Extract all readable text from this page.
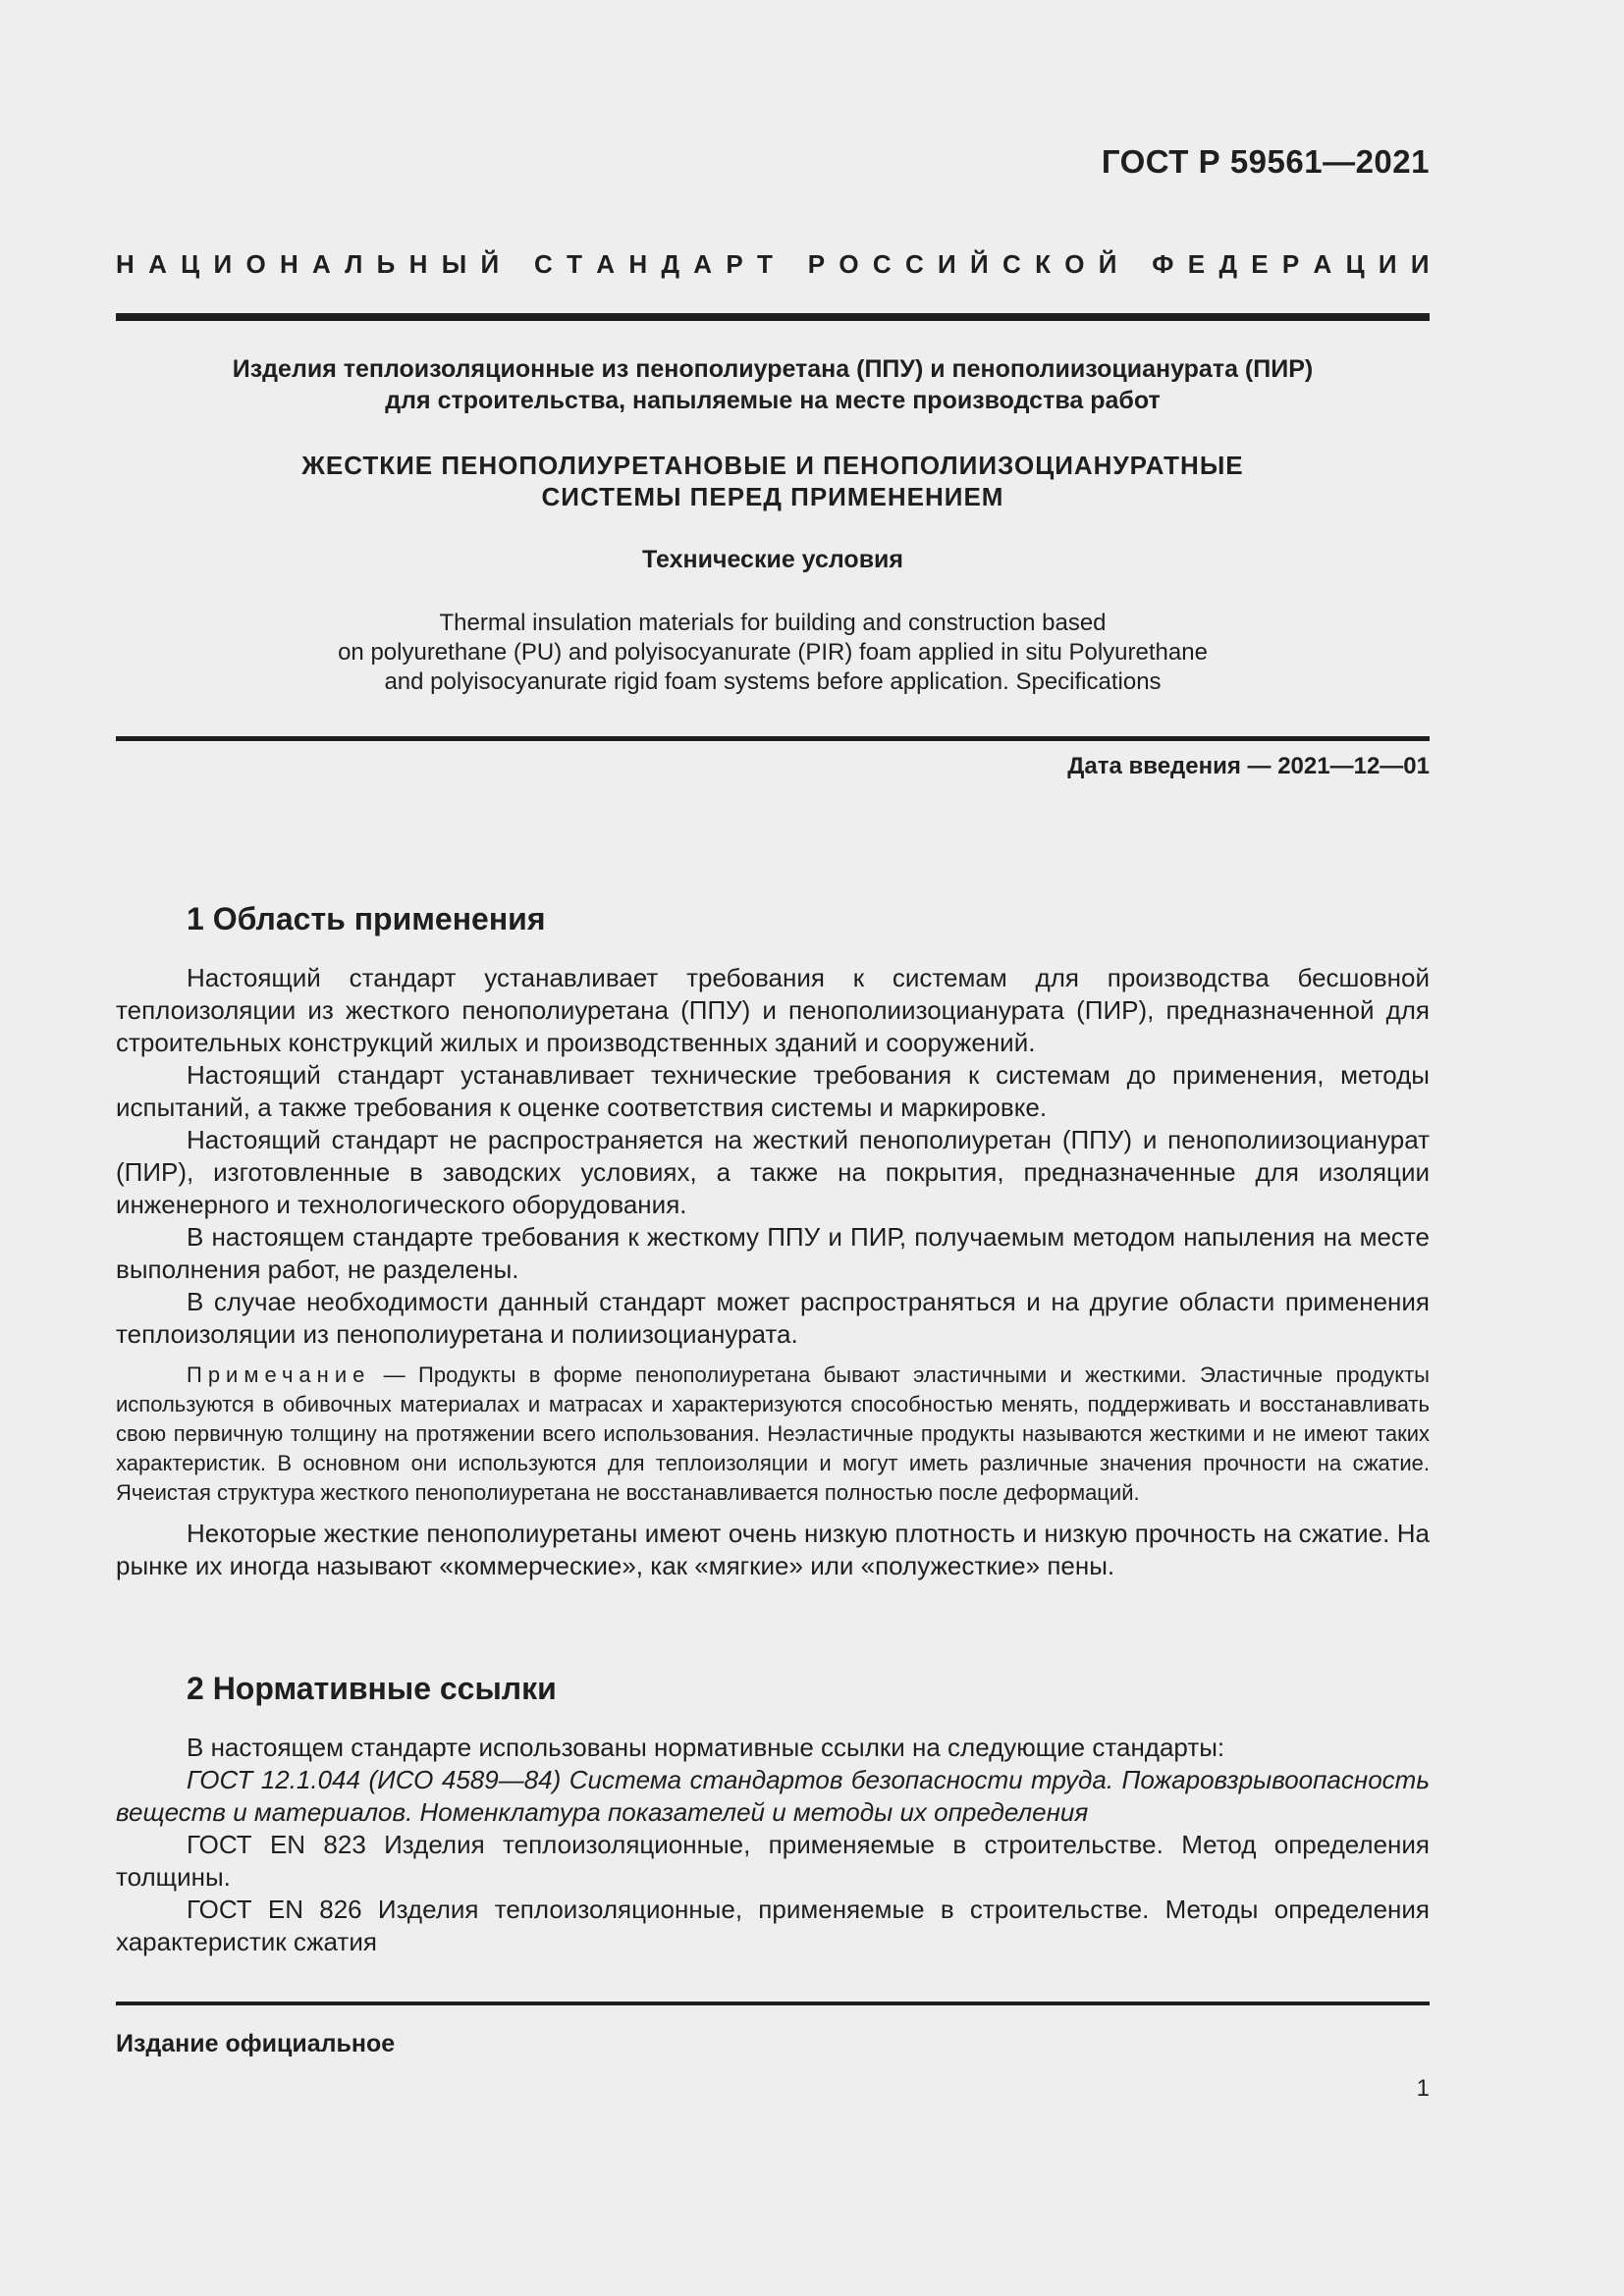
ГОСТ Р 59561—2021
Н А Ц И О Н А Л Ь Н Ы Й
С Т А Н Д А Р Т
Р О С С И Й С К О Й
Ф Е Д Е Р А Ц И И
Изделия теплоизоляционные из пенополиуретана (ППУ) и пенополиизоцианурата (ПИР)
для строительства, напыляемые на месте производства работ
ЖЕСТКИЕ ПЕНОПОЛИУРЕТАНОВЫЕ И ПЕНОПОЛИИЗОЦИАНУРАТНЫЕ
СИСТЕМЫ ПЕРЕД ПРИМЕНЕНИЕМ
Технические условия
Thermal insulation materials for building and construction based
on polyurethane (PU) and polyisocyanurate (PIR) foam applied in situ Polyurethane
and polyisocyanurate rigid foam systems before application. Specifications
Дата введения — 2021—12—01
1 Область применения

Настоящий стандарт устанавливает требования к системам для производства бесшовной теплоизоляции из жесткого пенополиуретана (ППУ) и пенополиизоцианурата (ПИР), предназначенной для строительных конструкций жилых и производственных зданий и сооружений.

Настоящий стандарт устанавливает технические требования к системам до применения, методы испытаний, а также требования к оценке соответствия системы и маркировке.

Настоящий стандарт не распространяется на жесткий пенополиуретан (ППУ) и пенополиизоцианурат (ПИР), изготовленные в заводских условиях, а также на покрытия, предназначенные для изоляции инженерного и технологического оборудования.

В настоящем стандарте требования к жесткому ППУ и ПИР, получаемым методом напыления на месте выполнения работ, не разделены.

В случае необходимости данный стандарт может распространяться и на другие области применения теплоизоляции из пенополиуретана и полиизоцианурата.

Примечание — Продукты в форме пенополиуретана бывают эластичными и жесткими. Эластичные продукты используются в обивочных материалах и матрасах и характеризуются способностью менять, поддерживать и восстанавливать свою первичную толщину на протяжении всего использования. Неэластичные продукты называются жесткими и не имеют таких характеристик. В основном они используются для теплоизоляции и могут иметь различные значения прочности на сжатие. Ячеистая структура жесткого пенополиуретана не восстанавливается полностью после деформаций.

Некоторые жесткие пенополиуретаны имеют очень низкую плотность и низкую прочность на сжатие. На рынке их иногда называют «коммерческие», как «мягкие» или «полужесткие» пены.

2 Нормативные ссылки

В настоящем стандарте использованы нормативные ссылки на следующие стандарты:

ГОСТ 12.1.044 (ИСО 4589—84) Система стандартов безопасности труда. Пожаровзрывоопасность веществ и материалов. Номенклатура показателей и методы их определения

ГОСТ EN 823 Изделия теплоизоляционные, применяемые в строительстве. Метод определения толщины.

ГОСТ EN 826 Изделия теплоизоляционные, применяемые в строительстве. Методы определения характеристик сжатия

Издание официальное
1
